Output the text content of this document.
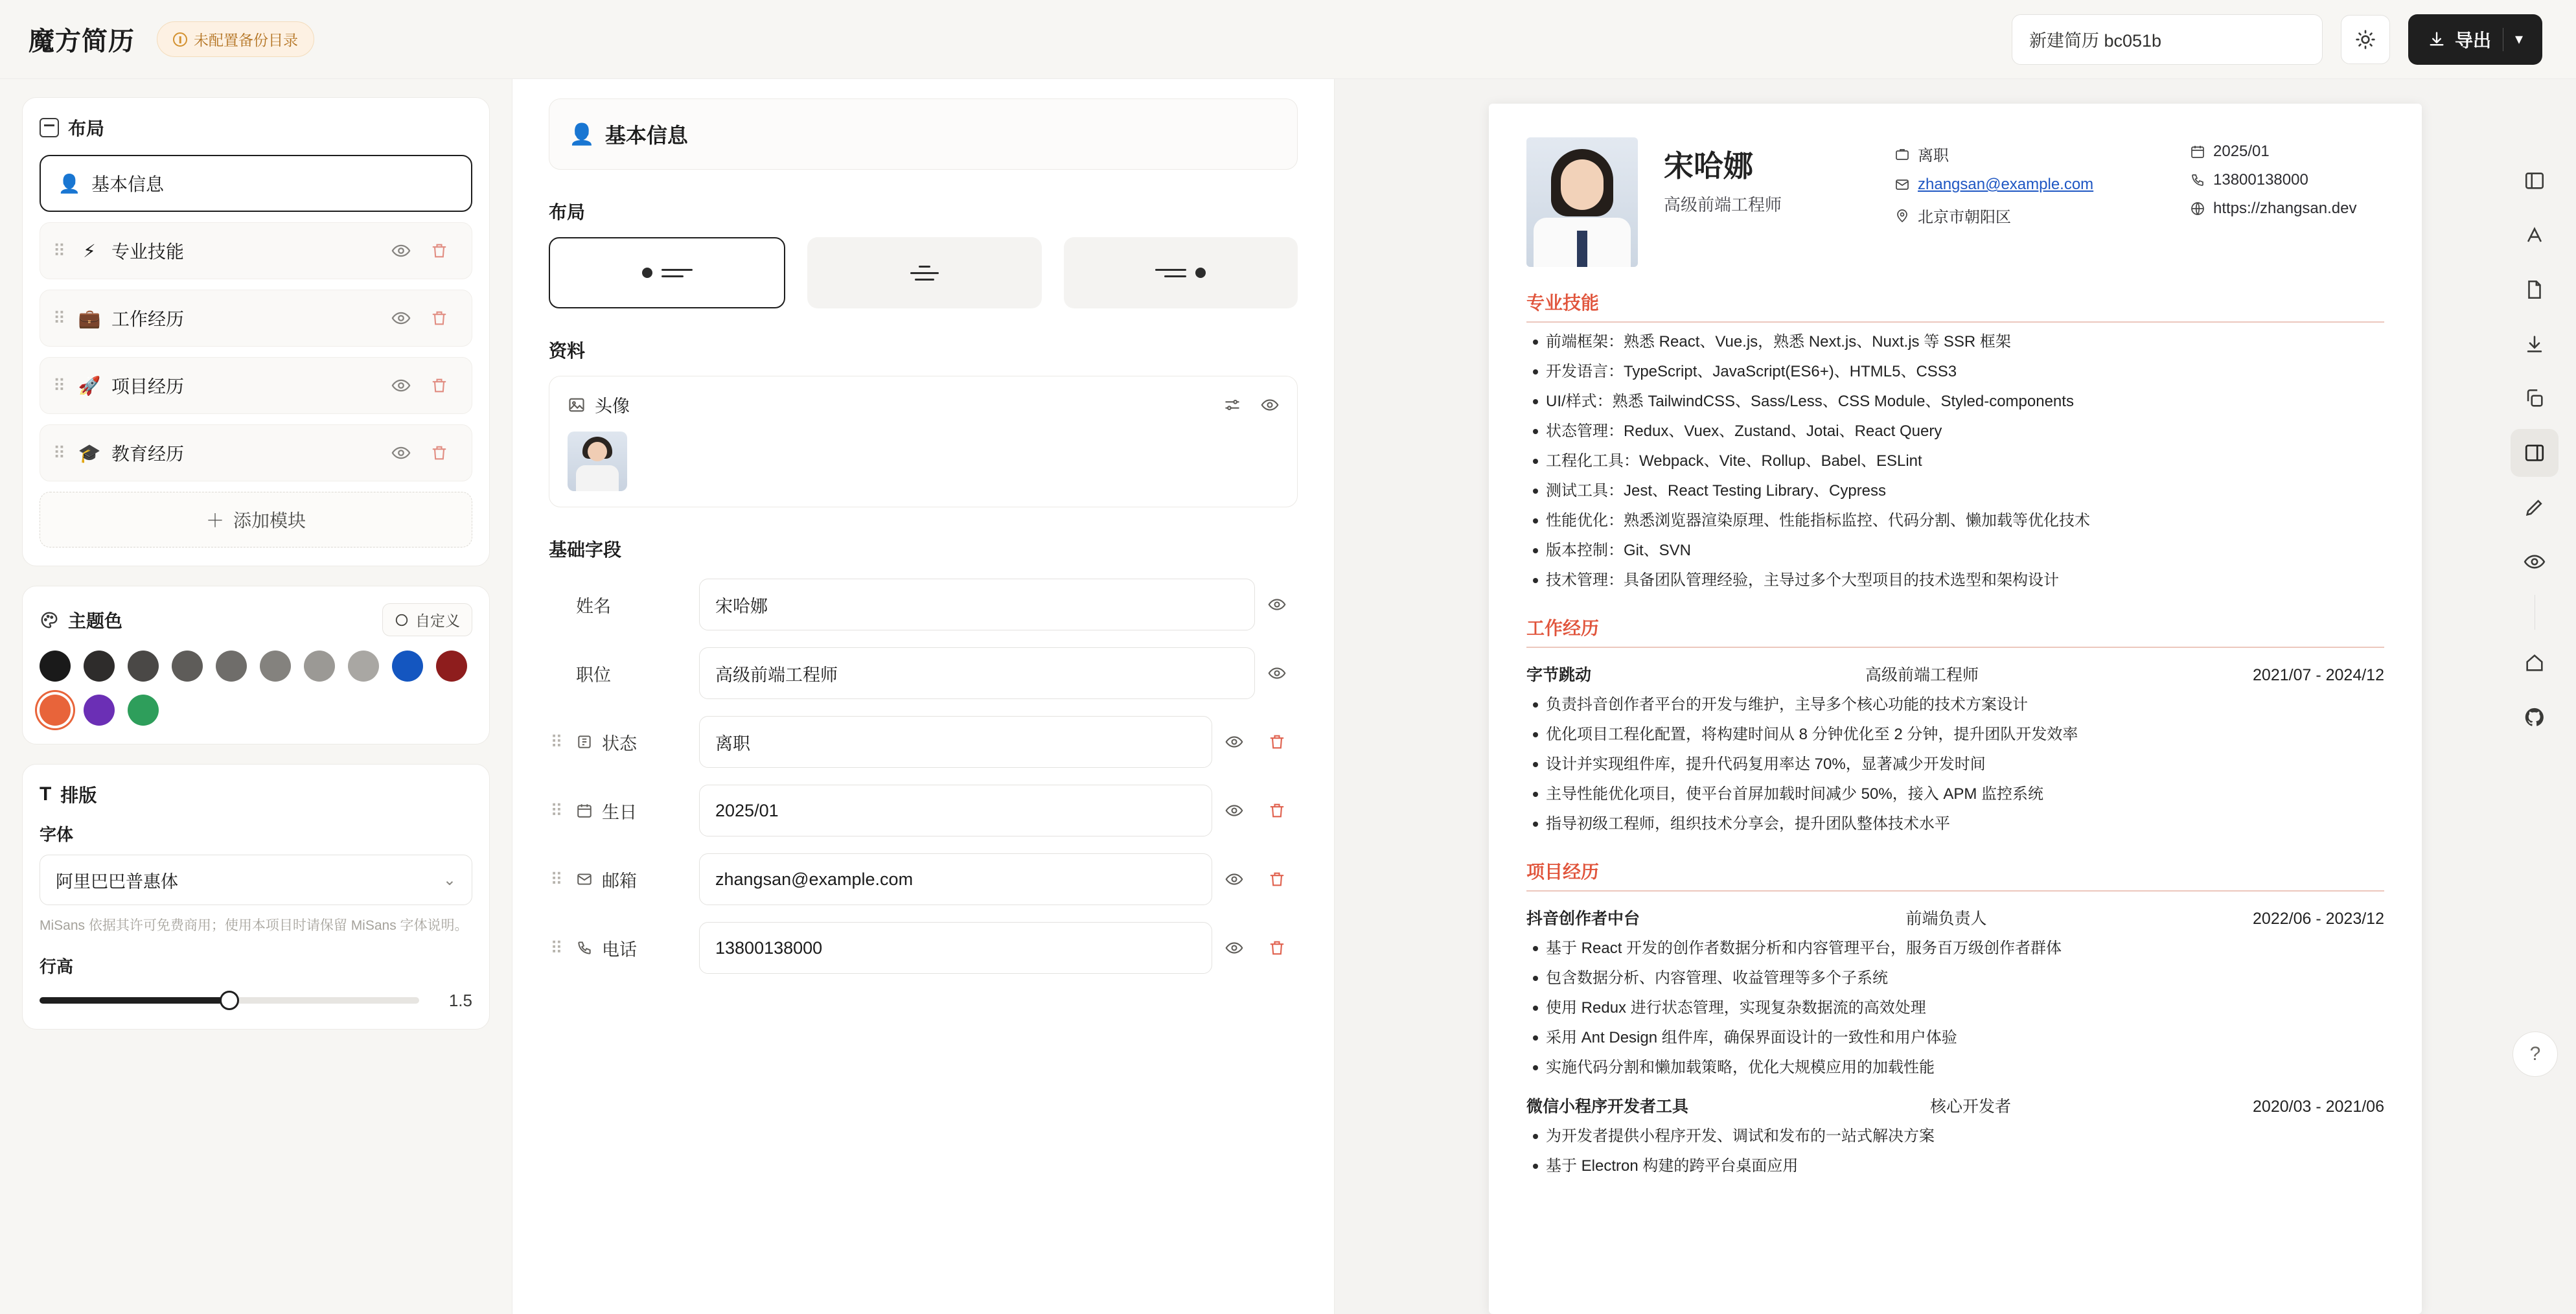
魔方简历	未配置备份目录	新建简历 bc051b	导出 ▾
布局
👤 基本信息
⠿ ⚡ 专业技能
⠿ 💼 工作经历
⠿ 🚀 项目经历
⠿ 🎓 教育经历
＋ 添加模块
主题色	自定义
T 排版
字体
阿里巴巴普惠体	⌄
MiSans 依据其许可免费商用；使用本项目时请保留 MiSans 字体说明。
行高
1.5
👤 基本信息
布局
资料
头像
基础字段
姓名	宋哈娜
职位	高级前端工程师
⠿ 状态	离职
⠿ 生日	2025/01
⠿ 邮箱	zhangsan@example.com
⠿ 电话	13800138000
宋哈娜
高级前端工程师
离职
zhangsan@example.com
北京市朝阳区
2025/01
13800138000
https://zhangsan.dev
专业技能
前端框架：熟悉 React、Vue.js，熟悉 Next.js、Nuxt.js 等 SSR 框架
开发语言：TypeScript、JavaScript(ES6+)、HTML5、CSS3
UI/样式：熟悉 TailwindCSS、Sass/Less、CSS Module、Styled-components
状态管理：Redux、Vuex、Zustand、Jotai、React Query
工程化工具：Webpack、Vite、Rollup、Babel、ESLint
测试工具：Jest、React Testing Library、Cypress
性能优化：熟悉浏览器渲染原理、性能指标监控、代码分割、懒加载等优化技术
版本控制：Git、SVN
技术管理：具备团队管理经验，主导过多个大型项目的技术选型和架构设计
工作经历
字节跳动	高级前端工程师	2021/07 - 2024/12
负责抖音创作者平台的开发与维护，主导多个核心功能的技术方案设计
优化项目工程化配置，将构建时间从 8 分钟优化至 2 分钟，提升团队开发效率
设计并实现组件库，提升代码复用率达 70%，显著减少开发时间
主导性能优化项目，使平台首屏加载时间减少 50%，接入 APM 监控系统
指导初级工程师，组织技术分享会，提升团队整体技术水平
项目经历
抖音创作者中台	前端负责人	2022/06 - 2023/12
基于 React 开发的创作者数据分析和内容管理平台，服务百万级创作者群体
包含数据分析、内容管理、收益管理等多个子系统
使用 Redux 进行状态管理，实现复杂数据流的高效处理
采用 Ant Design 组件库，确保界面设计的一致性和用户体验
实施代码分割和懒加载策略，优化大规模应用的加载性能
微信小程序开发者工具	核心开发者	2020/03 - 2021/06
为开发者提供小程序开发、调试和发布的一站式解决方案
基于 Electron 构建的跨平台桌面应用
?
